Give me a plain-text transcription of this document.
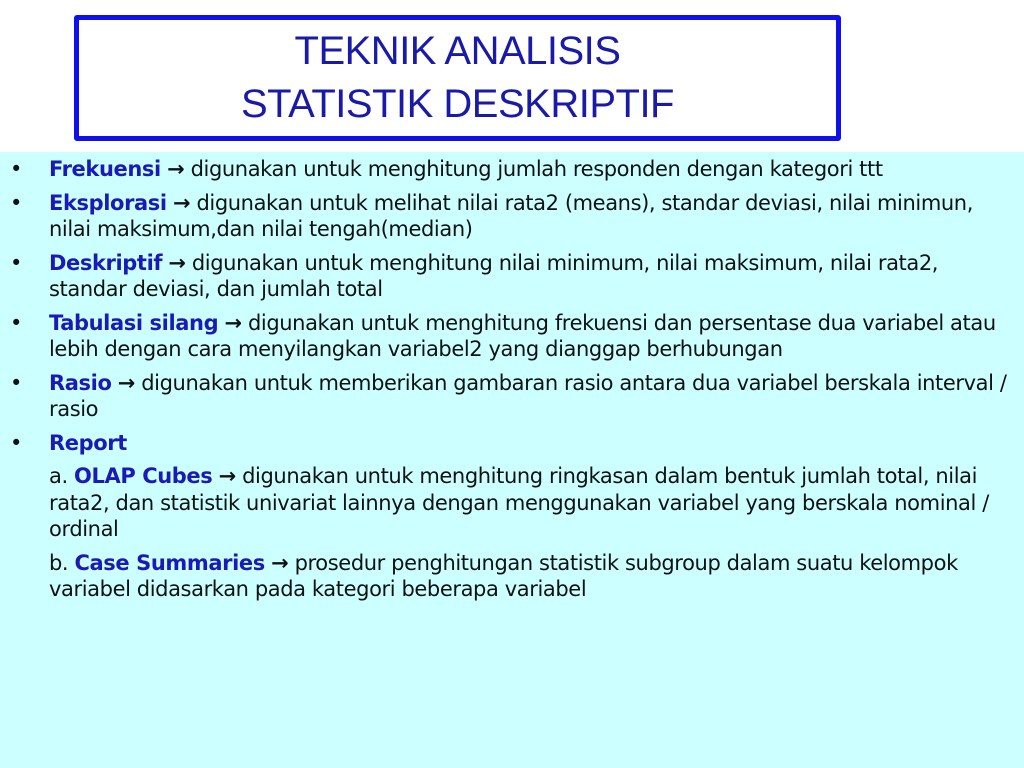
TEKNIK ANALISIS
STATISTIK DESKRIPTIF
• Frekuensi → digunakan untuk menghitung jumlah responden dengan kategori ttt
• Eksplorasi → digunakan untuk melihat nilai rata2 (means), standar deviasi, nilai minimun, nilai maksimum,dan nilai tengah(median)
• Deskriptif → digunakan untuk menghitung nilai minimum, nilai maksimum, nilai rata2, standar deviasi, dan jumlah total
• Tabulasi silang → digunakan untuk menghitung frekuensi dan persentase dua variabel atau lebih dengan cara menyilangkan variabel2 yang dianggap berhubungan
• Rasio → digunakan untuk memberikan gambaran rasio antara dua variabel berskala interval / rasio
• Report
a. OLAP Cubes → digunakan untuk menghitung ringkasan dalam bentuk jumlah total, nilai rata2, dan statistik univariat lainnya dengan menggunakan variabel yang berskala nominal / ordinal
b. Case Summaries → prosedur penghitungan statistik subgroup dalam suatu kelompok variabel didasarkan pada kategori beberapa variabel
